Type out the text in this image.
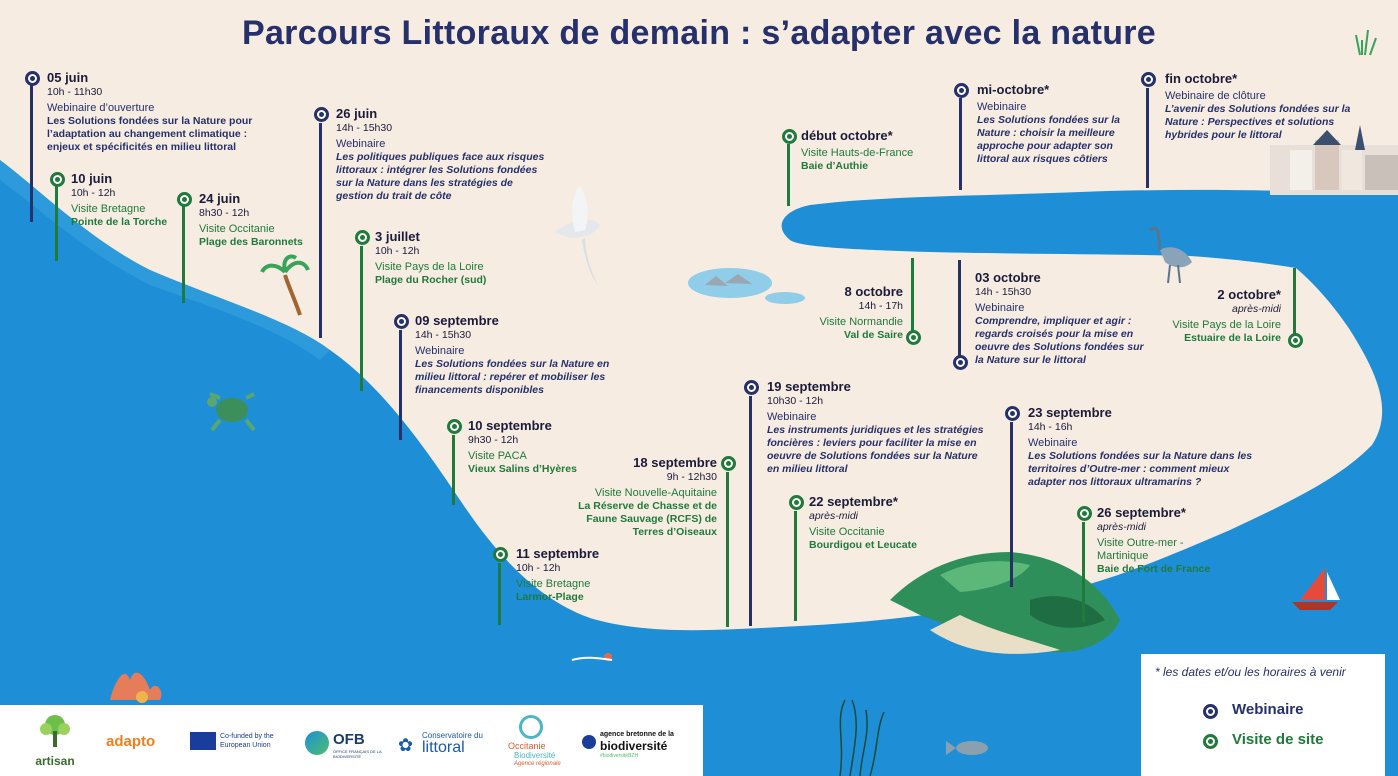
Parcours Littoraux de demain : s’adapter avec la nature
05 juin
10h - 11h30
Webinaire d’ouverture
Les Solutions fondées sur la Nature pour l’adaptation au changement climatique : enjeux et spécificités en milieu littoral
10 juin
10h - 12h
Visite Bretagne
Pointe de la Torche
24 juin
8h30 - 12h
Visite Occitanie
Plage des Baronnets
26 juin
14h - 15h30
Webinaire
Les politiques publiques face aux risques littoraux : intégrer les Solutions fondées sur la Nature dans les stratégies de gestion du trait de côte
3 juillet
10h - 12h
Visite Pays de la Loire
Plage du Rocher (sud)
09 septembre
14h - 15h30
Webinaire
Les Solutions fondées sur la Nature en milieu littoral : repérer et mobiliser les financements disponibles
10 septembre
9h30 - 12h
Visite PACA
Vieux Salins d’Hyères
11 septembre
10h - 12h
Visite Bretagne
Larmor-Plage
18 septembre
9h - 12h30
Visite Nouvelle-Aquitaine
La Réserve de Chasse et de Faune Sauvage (RCFS) de Terres d’Oiseaux
19 septembre
10h30 - 12h
Webinaire
Les instruments juridiques et les stratégies foncières : leviers pour faciliter la mise en oeuvre de Solutions fondées sur la Nature en milieu littoral
22 septembre*
après-midi
Visite Occitanie
Bourdigou et Leucate
23 septembre
14h - 16h
Webinaire
Les Solutions fondées sur la Nature dans les territoires d’Outre-mer : comment mieux adapter nos littoraux ultramarins ?
26 septembre*
après-midi
Visite Outre-mer - Martinique
Baie de Fort de France
2 octobre*
après-midi
Visite Pays de la Loire
Estuaire de la Loire
03 octobre
14h - 15h30
Webinaire
Comprendre, impliquer et agir : regards croisés pour la mise en oeuvre des Solutions fondées sur la Nature sur le littoral
8 octobre
14h - 17h
Visite Normandie
Val de Saire
début octobre*
Visite Hauts-de-France
Baie d’Authie
mi-octobre*
Webinaire
Les Solutions fondées sur la Nature : choisir la meilleure approche pour adapter son littoral aux risques côtiers
fin octobre*
Webinaire de clôture
L’avenir des Solutions fondées sur la Nature : Perspectives et solutions hybrides pour le littoral
* les dates et/ou les horaires à venir
Webinaire
Visite de site
artisan
adapto	Co-funded by the European Union	OFB
OFFICE FRANÇAIS DE LA BIODIVERSITÉ
✿ Conservatoire du
littoral	Occitanie
Biodiversité
Agence régionale
agence bretonne de la
biodiversité
#biodiversitéBZH
